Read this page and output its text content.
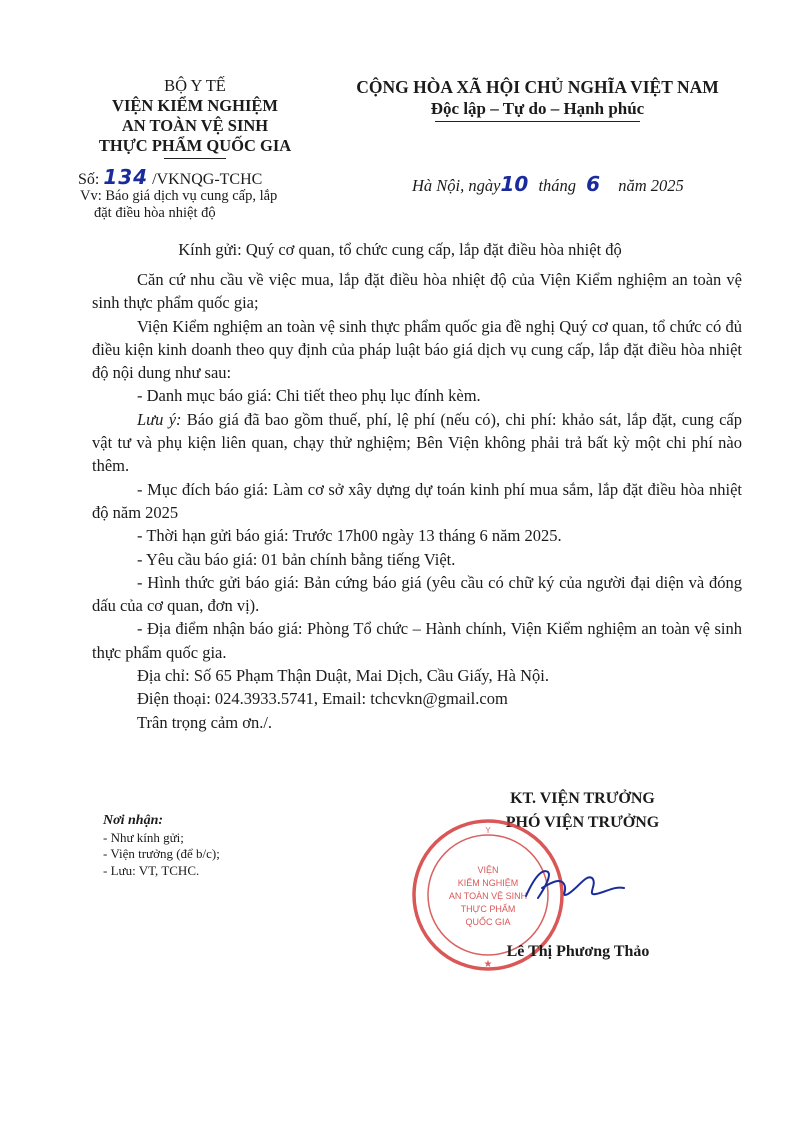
BỘ Y TẾ
VIỆN KIỂM NGHIỆM
AN TOÀN VỆ SINH
THỰC PHẨM QUỐC GIA
CỘNG HÒA XÃ HỘI CHỦ NGHĨA VIỆT NAM
Độc lập – Tự do – Hạnh phúc
Số: 134 /VKNQG-TCHC
Vv: Báo giá dịch vụ cung cấp, lắp
đặt điều hòa nhiệt độ
Hà Nội, ngày10 tháng 6 năm 2025
Kính gửi: Quý cơ quan, tổ chức cung cấp, lắp đặt điều hòa nhiệt độ

Căn cứ nhu cầu về việc mua, lắp đặt điều hòa nhiệt độ của Viện Kiểm nghiệm an toàn vệ sinh thực phẩm quốc gia;

Viện Kiểm nghiệm an toàn vệ sinh thực phẩm quốc gia đề nghị Quý cơ quan, tổ chức có đủ điều kiện kinh doanh theo quy định của pháp luật báo giá dịch vụ cung cấp, lắp đặt điều hòa nhiệt độ nội dung như sau:

- Danh mục báo giá: Chi tiết theo phụ lục đính kèm.

Lưu ý: Báo giá đã bao gồm thuế, phí, lệ phí (nếu có), chi phí: khảo sát, lắp đặt, cung cấp vật tư và phụ kiện liên quan, chạy thử nghiệm; Bên Viện không phải trả bất kỳ một chi phí nào thêm.

- Mục đích báo giá: Làm cơ sở xây dựng dự toán kinh phí mua sắm, lắp đặt điều hòa nhiệt độ năm 2025

- Thời hạn gửi báo giá: Trước 17h00 ngày 13 tháng 6 năm 2025.

- Yêu cầu báo giá: 01 bản chính bằng tiếng Việt.

- Hình thức gửi báo giá: Bản cứng báo giá (yêu cầu có chữ ký của người đại diện và đóng dấu của cơ quan, đơn vị).

- Địa điểm nhận báo giá: Phòng Tổ chức – Hành chính, Viện Kiểm nghiệm an toàn vệ sinh thực phẩm quốc gia.

Địa chỉ: Số 65 Phạm Thận Duật, Mai Dịch, Cầu Giấy, Hà Nội.

Điện thoại: 024.3933.5741, Email: tchcvkn@gmail.com

Trân trọng cảm ơn./.

KT. VIỆN TRƯỞNG
PHÓ VIỆN TRƯỞNG
Nơi nhận:
- Như kính gửi;
- Viện trưởng (để b/c);
- Lưu: VT, TCHC.	VIỆN
KIỂM NGHIỆM
AN TOÀN VỆ SINH
THỰC PHẨM
QUỐC GIA
Y
★
Lê Thị Phương Thảo
